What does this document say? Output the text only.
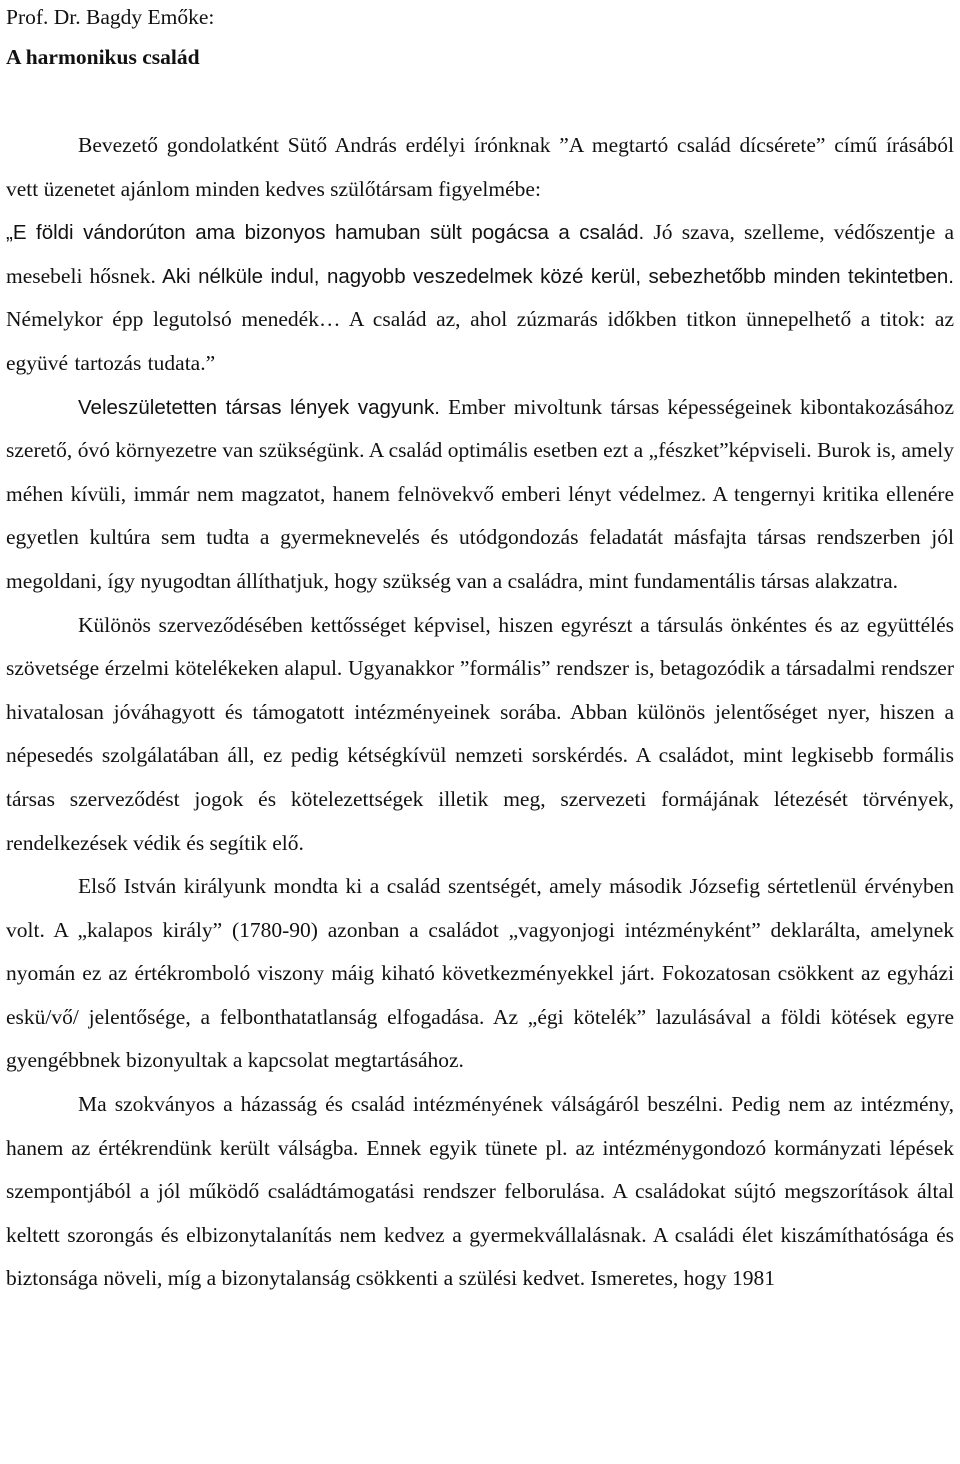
Prof. Dr. Bagdy Emőke:
A harmonikus család

Bevezető gondolatként Sütő András erdélyi írónknak ”A megtartó család dícsérete” című írásából vett üzenetet ajánlom minden kedves szülőtársam figyelmébe:

„E földi vándorúton ama bizonyos hamuban sült pogácsa a család. Jó szava, szelleme, védőszentje a mesebeli hősnek. Aki nélküle indul, nagyobb veszedelmek közé kerül, sebezhetőbb minden tekintetben. Némelykor épp legutolsó menedék… A család az, ahol zúzmarás időkben titkon ünnepelhető a titok: az együvé tartozás tudata.”

Veleszületetten társas lények vagyunk. Ember mivoltunk társas képességeinek kibontakozásához szerető, óvó környezetre van szükségünk. A család optimális esetben ezt a „fészket”képviseli. Burok is, amely méhen kívüli, immár nem magzatot, hanem felnövekvő emberi lényt védelmez. A tengernyi kritika ellenére egyetlen kultúra sem tudta a gyermeknevelés és utódgondozás feladatát másfajta társas rendszerben jól megoldani, így nyugodtan állíthatjuk, hogy szükség van a családra, mint fundamentális társas alakzatra.

Különös szerveződésében kettősséget képvisel, hiszen egyrészt a társulás önkéntes és az együttélés szövetsége érzelmi kötelékeken alapul. Ugyanakkor ”formális” rendszer is, betagozódik a társadalmi rendszer hivatalosan jóváhagyott és támogatott intézményeinek sorába. Abban különös jelentőséget nyer, hiszen a népesedés szolgálatában áll, ez pedig kétségkívül nemzeti sorskérdés. A családot, mint legkisebb formális társas szerveződést jogok és kötelezettségek illetik meg, szervezeti formájának létezését törvények, rendelkezések védik és segítik elő.

Első István királyunk mondta ki a család szentségét, amely második Józsefig sértetlenül érvényben volt. A „kalapos király” (1780-90) azonban a családot „vagyonjogi intézményként” deklarálta, amelynek nyomán ez az értékromboló viszony máig kiható következményekkel járt. Fokozatosan csökkent az egyházi eskü/vő/ jelentősége, a felbonthatatlanság elfogadása. Az „égi kötelék” lazulásával a földi kötések egyre gyengébbnek bizonyultak a kapcsolat megtartásához.

Ma szokványos a házasság és család intézményének válságáról beszélni. Pedig nem az intézmény, hanem az értékrendünk került válságba. Ennek egyik tünete pl. az intézménygondozó kormányzati lépések szempontjából a jól működő családtámogatási rendszer felborulása. A családokat sújtó megszorítások által keltett szorongás és elbizonytalanítás nem kedvez a gyermekvállalásnak. A családi élet kiszámíthatósága és biztonsága növeli, míg a bizonytalanság csökkenti a szülési kedvet. Ismeretes, hogy 1981
